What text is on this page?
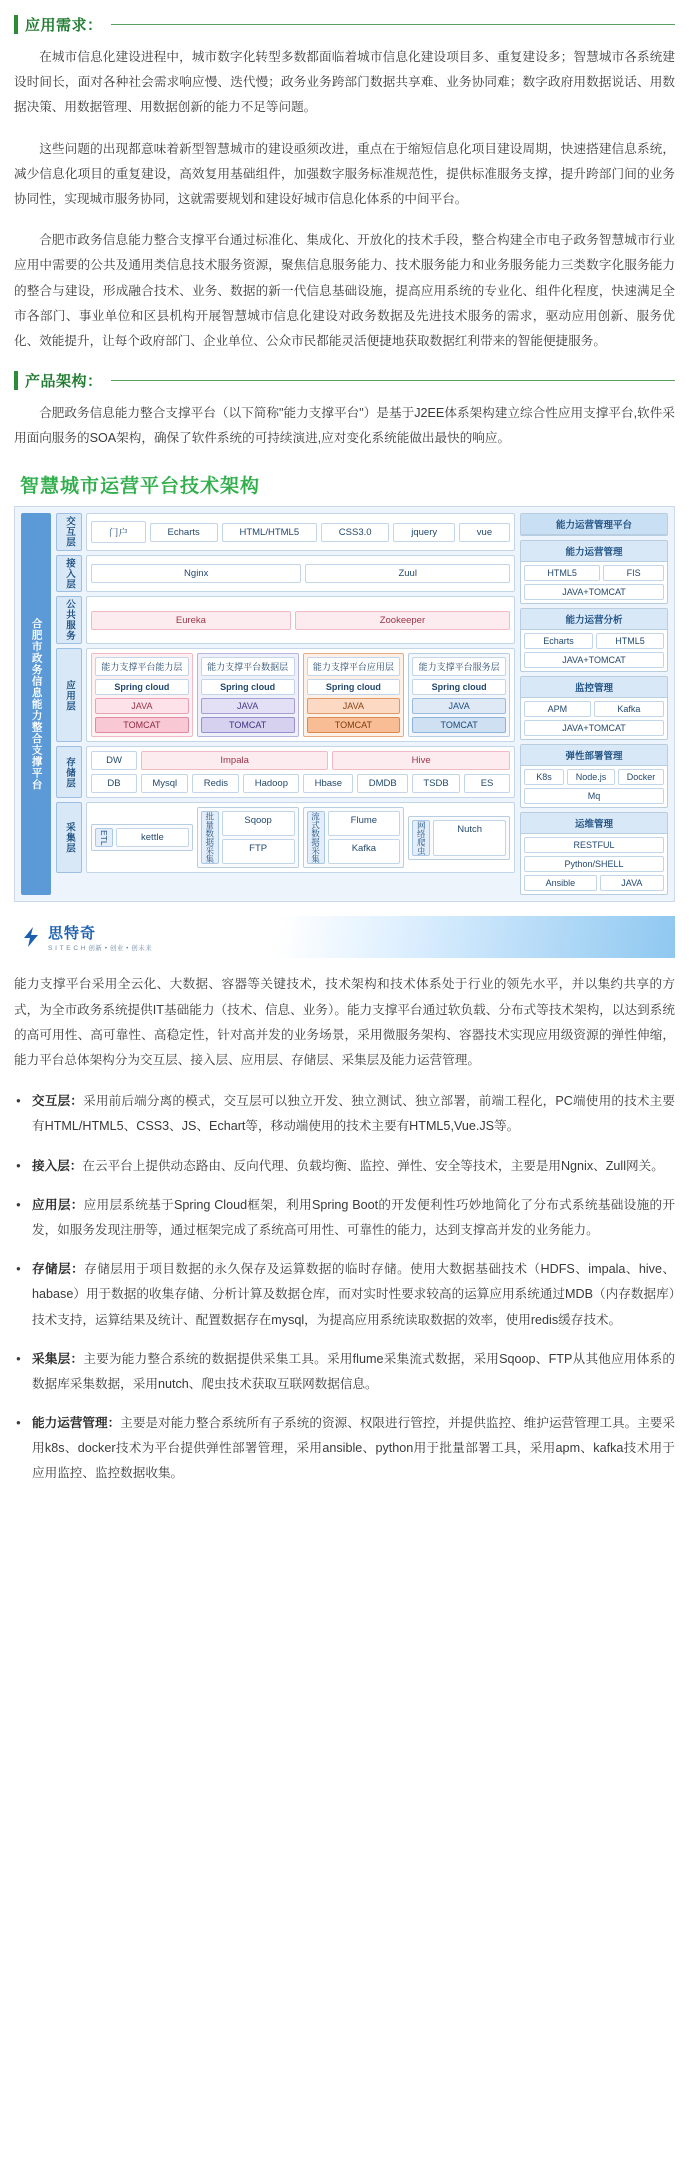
应用需求：

在城市信息化建设进程中，城市数字化转型多数都面临着城市信息化建设项目多、重复建设多；智慧城市各系统建设时间长，面对各种社会需求响应慢、迭代慢；政务业务跨部门数据共享难、业务协同难；数字政府用数据说话、用数据决策、用数据管理、用数据创新的能力不足等问题。

这些问题的出现都意味着新型智慧城市的建设亟须改进，重点在于缩短信息化项目建设周期，快速搭建信息系统，减少信息化项目的重复建设，高效复用基础组件，加强数字服务标准规范性，提供标准服务支撑，提升跨部门间的业务协同性，实现城市服务协同，这就需要规划和建设好城市信息化体系的中间平台。

合肥市政务信息能力整合支撑平台通过标准化、集成化、开放化的技术手段，整合构建全市电子政务智慧城市行业应用中需要的公共及通用类信息技术服务资源，聚焦信息服务能力、技术服务能力和业务服务能力三类数字化服务能力的整合与建设，形成融合技术、业务、数据的新一代信息基础设施，提高应用系统的专业化、组件化程度，快速满足全市各部门、事业单位和区县机构开展智慧城市信息化建设对政务数据及先进技术服务的需求，驱动应用创新、服务优化、效能提升，让每个政府部门、企业单位、公众市民都能灵活便捷地获取数据红利带来的智能便捷服务。

产品架构：

合肥政务信息能力整合支撑平台（以下简称"能力支撑平台"）是基于J2EE体系架构建立综合性应用支撑平台,软件采用面向服务的SOA架构，确保了软件系统的可持续演进,应对变化系统能做出最快的响应。

智慧城市运营平台技术架构
合肥市政务信息能力整合支撑平台
交互层	门户	Echarts	HTML/HTML5	CSS3.0	jquery	vue
接入层	Nginx	Zuul
公共服务	Eureka	Zookeeper
应用层
能力支撑平台能力层
Spring cloud
JAVA
TOMCAT
能力支撑平台数据层
Spring cloud
JAVA
TOMCAT
能力支撑平台应用层
Spring cloud
JAVA
TOMCAT
能力支撑平台服务层
Spring cloud
JAVA
TOMCAT
存储层	DW	Impala	Hive
DB	Mysql	Redis	Hadoop	Hbase	DMDB	TSDB	ES
采集层	ETL	kettle	批量数据采集	Sqoop
FTP	流式数据采集	Flume
Kafka	网络爬虫	Nutch
能力运营管理平台
能力运营管理
HTML5	FIS
JAVA+TOMCAT
能力运营分析
Echarts	HTML5
JAVA+TOMCAT
监控管理
APM	Kafka
JAVA+TOMCAT
弹性部署管理
K8s	Node.js	Docker
Mq
运维管理
RESTFUL
Python/SHELL
Ansible	JAVA
思特奇
S I T E C H 创新 • 创业 • 创未来

能力支撑平台采用全云化、大数据、容器等关键技术，技术架构和技术体系处于行业的领先水平，并以集约共享的方式，为全市政务系统提供IT基础能力（技术、信息、业务）。能力支撑平台通过软负载、分布式等技术架构，以达到系统的高可用性、高可靠性、高稳定性，针对高并发的业务场景，采用微服务架构、容器技术实现应用级资源的弹性伸缩，能力平台总体架构分为交互层、接入层、应用层、存储层、采集层及能力运营管理。

● 交互层：采用前后端分离的模式，交互层可以独立开发、独立测试、独立部署，前端工程化，PC端使用的技术主要有HTML/HTML5、CSS3、JS、Echart等，移动端使用的技术主要有HTML5,Vue.JS等。
● 接入层：在云平台上提供动态路由、反向代理、负载均衡、监控、弹性、安全等技术，主要是用Ngnix、Zull网关。
● 应用层：应用层系统基于Spring Cloud框架，利用Spring Boot的开发便利性巧妙地简化了分布式系统基础设施的开发，如服务发现注册等，通过框架完成了系统高可用性、可靠性的能力，达到支撑高并发的业务能力。
● 存储层：存储层用于项目数据的永久保存及运算数据的临时存储。使用大数据基础技术（HDFS、impala、hive、habase）用于数据的收集存储、分析计算及数据仓库，而对实时性要求较高的运算应用系统通过MDB（内存数据库）技术支持，运算结果及统计、配置数据存在mysql，为提高应用系统读取数据的效率，使用redis缓存技术。
● 采集层：主要为能力整合系统的数据提供采集工具。采用flume采集流式数据，采用Sqoop、FTP从其他应用体系的数据库采集数据，采用nutch、爬虫技术获取互联网数据信息。
● 能力运营管理：主要是对能力整合系统所有子系统的资源、权限进行管控，并提供监控、维护运营管理工具。主要采用k8s、docker技术为平台提供弹性部署管理，采用ansible、python用于批量部署工具，采用apm、kafka技术用于应用监控、监控数据收集。
